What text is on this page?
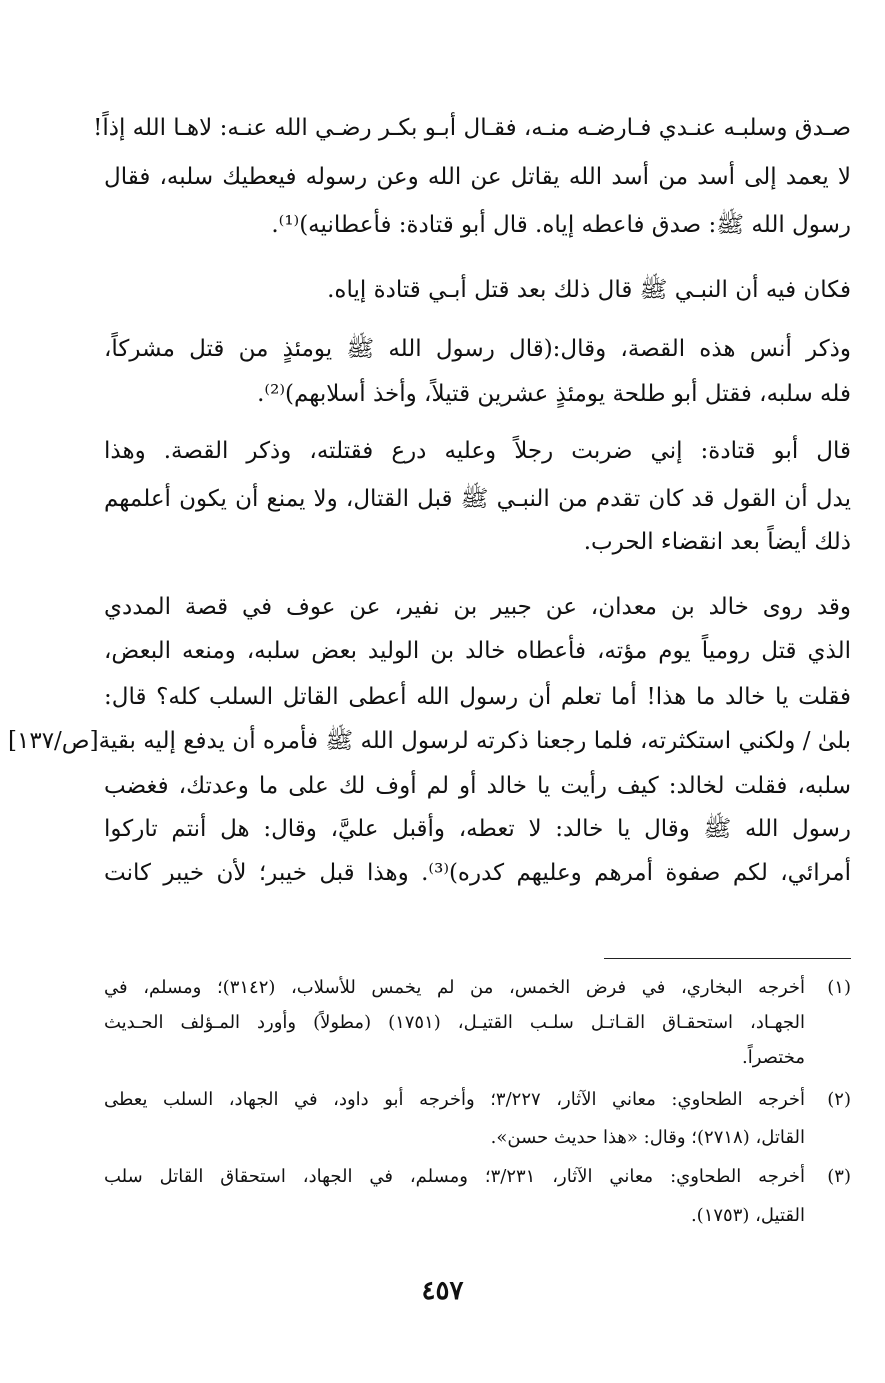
صـدق وسلبـه عنـدي فـارضـه منـه، فقـال أبـو بكـر رضـي الله عنـه: لاهـا الله إذاً!
لا يعمد إلى أسد من أسد الله يقاتل عن الله وعن رسوله فيعطيك سلبه، فقال
رسول الله ﷺ: صدق فاعطه إياه. قال أبو قتادة: فأعطانيه)⁽¹⁾.
فكان فيه أن النبـي ﷺ قال ذلك بعد قتل أبـي قتادة إياه.
وذكر أنس هذه القصة، وقال:(قال رسول الله ﷺ يومئذٍ من قتل مشركاً،
فله سلبه، فقتل أبو طلحة يومئذٍ عشرين قتيلاً، وأخذ أسلابهم)⁽²⁾.
قال أبو قتادة: إني ضربت رجلاً وعليه درع فقتلته، وذكر القصة. وهذا
يدل أن القول قد كان تقدم من النبـي ﷺ قبل القتال، ولا يمنع أن يكون أعلمهم
ذلك أيضاً بعد انقضاء الحرب.
وقد روى خالد بن معدان، عن جبير بن نفير، عن عوف في قصة المددي
الذي قتل رومياً يوم مؤته، فأعطاه خالد بن الوليد بعض سلبه، ومنعه البعض،
فقلت يا خالد ما هذا! أما تعلم أن رسول الله أعطى القاتل السلب كله؟ قال:
بلىٰ / ولكني استكثرته، فلما رجعنا ذكرته لرسول الله ﷺ فأمره أن يدفع إليه بقية[ص/١٣٧]
سلبه، فقلت لخالد: كيف رأيت يا خالد أو لم أوف لك على ما وعدتك، فغضب
رسول الله ﷺ وقال يا خالد: لا تعطه، وأقبل عليَّ، وقال: هل أنتم تاركوا
أمرائي، لكم صفوة أمرهم وعليهم كدره)⁽³⁾. وهذا قبل خيبر؛ لأن خيبر كانت
(١)
أخرجه البخاري، في فرض الخمس، من لم يخمس للأسلاب، (٣١٤٢)؛ ومسلم، في
الجهـاد، استحقـاق القـاتـل سلـب القتيـل، (١٧٥١) (مطولاً) وأورد المـؤلف الحـديث
مختصراً.
(٢)
أخرجه الطحاوي: معاني الآثار، ٣/٢٢٧؛ وأخرجه أبو داود، في الجهاد، السلب يعطى
القاتل، (٢٧١٨)؛ وقال: «هذا حديث حسن».
(٣)
أخرجه الطحاوي: معاني الآثار، ٣/٢٣١؛ ومسلم، في الجهاد، استحقاق القاتل سلب
القتيل، (١٧٥٣).
٤٥٧
